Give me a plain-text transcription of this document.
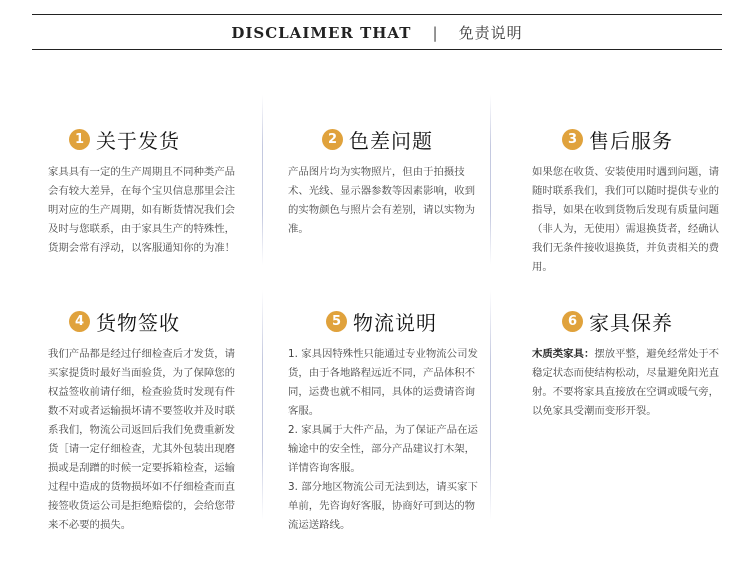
DISCLAIMER THAT | 免责说明
1 关于发货

家具具有一定的生产周期且不同种类产品会有较大差异，在每个宝贝信息那里会注明对应的生产周期，如有断货情况我们会及时与您联系，由于家具生产的特殊性，货期会常有浮动，以客服通知你的为准！

2 色差问题

产品图片均为实物照片，但由于拍摄技术、光线、显示器参数等因素影响，收到的实物颜色与照片会有差别，请以实物为准。

3 售后服务

如果您在收货、安装使用时遇到问题，请随时联系我们，我们可以随时提供专业的指导，如果在收到货物后发现有质量问题（非人为，无使用）需退换货者，经确认我们无条件接收退换货，并负责相关的费用。

4 货物签收

我们产品都是经过仔细检查后才发货，请买家提货时最好当面验货，为了保障您的权益签收前请仔细，检查验货时发现有件数不对或者运输损坏请不要签收并及时联系我们，物流公司返回后我们免费重新发货［请一定仔细检查，尤其外包装出现磨损或是刮蹭的时候一定要拆箱检查，运输过程中造成的货物损坏如不仔细检查而直接签收货运公司是拒绝赔偿的，会给您带来不必要的损失。

5 物流说明

1. 家具因特殊性只能通过专业物流公司发货，由于各地路程远近不同，产品体积不同，运费也就不相同，具体的运费请咨询客服。

2. 家具属于大件产品，为了保证产品在运输途中的安全性，部分产品建议打木架，详情咨询客服。

3. 部分地区物流公司无法到达，请买家下单前，先咨询好客服，协商好可到达的物流运送路线。

6 家具保养

木质类家具：摆放平整，避免经常处于不稳定状态而使结构松动，尽量避免阳光直射。不要将家具直接放在空调或暖气旁，以免家具受潮而变形开裂。
